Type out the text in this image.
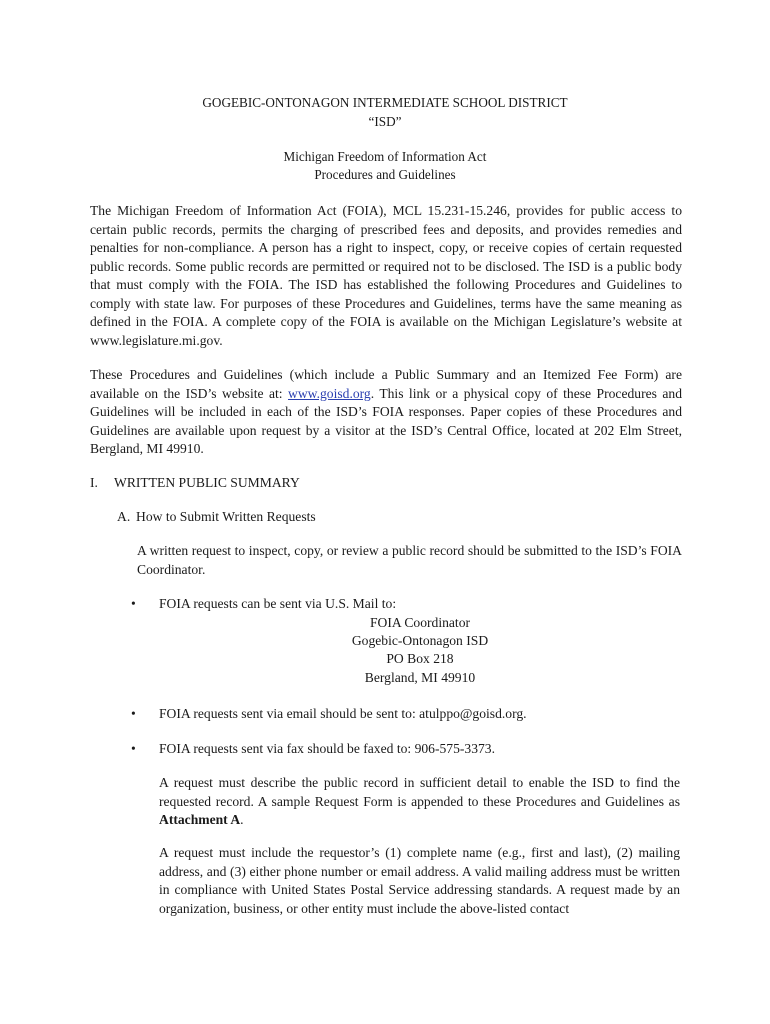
GOGEBIC-ONTONAGON INTERMEDIATE SCHOOL DISTRICT
“ISD”
Michigan Freedom of Information Act
Procedures and Guidelines

The Michigan Freedom of Information Act (FOIA), MCL 15.231-15.246, provides for public access to certain public records, permits the charging of prescribed fees and deposits, and provides remedies and penalties for non-compliance. A person has a right to inspect, copy, or receive copies of certain requested public records. Some public records are permitted or required not to be disclosed. The ISD is a public body that must comply with the FOIA. The ISD has established the following Procedures and Guidelines to comply with state law. For purposes of these Procedures and Guidelines, terms have the same meaning as defined in the FOIA. A complete copy of the FOIA is available on the Michigan Legislature’s website at www.legislature.mi.gov.

These Procedures and Guidelines (which include a Public Summary and an Itemized Fee Form) are available on the ISD’s website at: www.goisd.org. This link or a physical copy of these Procedures and Guidelines will be included in each of the ISD’s FOIA responses. Paper copies of these Procedures and Guidelines are available upon request by a visitor at the ISD’s Central Office, located at 202 Elm Street, Bergland, MI 49910.

I. WRITTEN PUBLIC SUMMARY
A. How to Submit Written Requests

A written request to inspect, copy, or review a public record should be submitted to the ISD’s FOIA Coordinator.

• FOIA requests can be sent via U.S. Mail to:
FOIA Coordinator
Gogebic-Ontonagon ISD
PO Box 218
Bergland, MI 49910
• FOIA requests sent via email should be sent to: atulppo@goisd.org.
• FOIA requests sent via fax should be faxed to: 906-575-3373.

A request must describe the public record in sufficient detail to enable the ISD to find the requested record. A sample Request Form is appended to these Procedures and Guidelines as Attachment A.

A request must include the requestor’s (1) complete name (e.g., first and last), (2) mailing address, and (3) either phone number or email address. A valid mailing address must be written in compliance with United States Postal Service addressing standards. A request made by an organization, business, or other entity must include the above-listed contact
